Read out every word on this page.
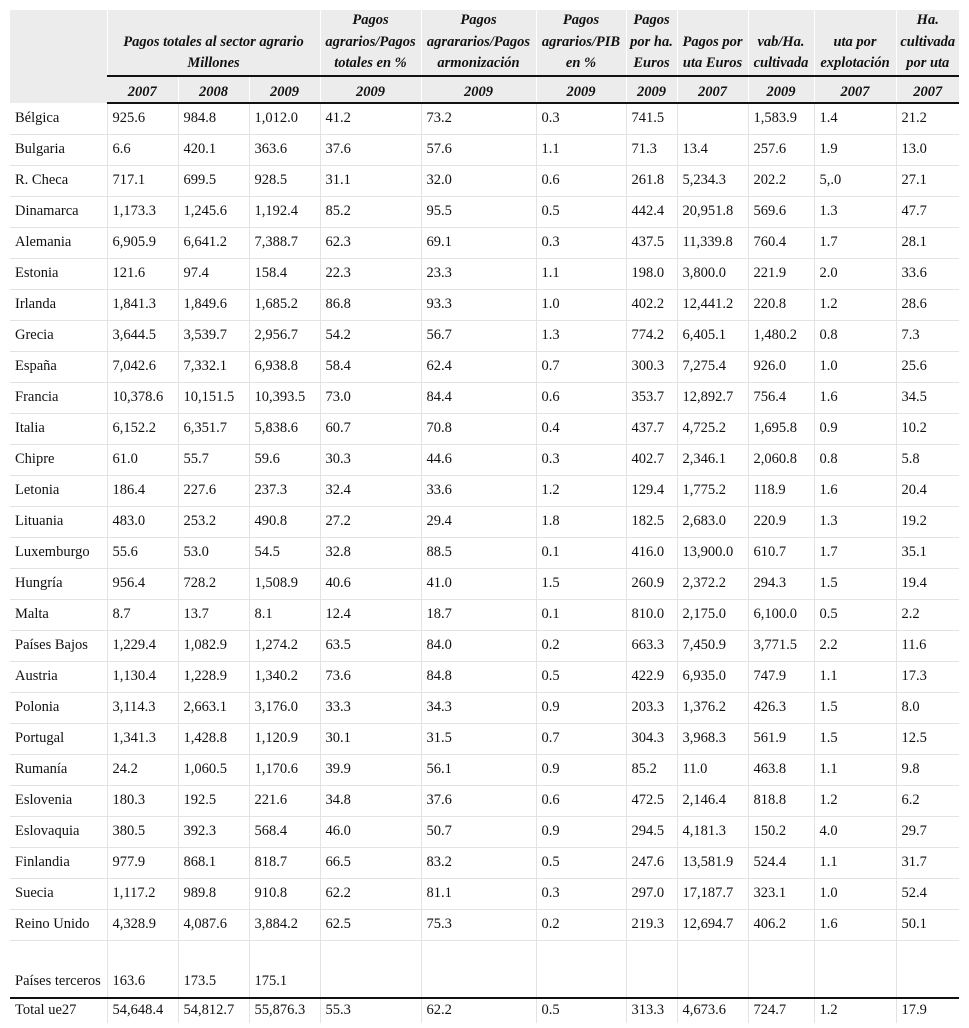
	Pagos totales al sector agrario Millones			Pagos agrarios/Pagos totales en %	Pagos agrararios/Pagos armonización	Pagos agrarios/PIB en %	Pagos por ha. Euros	Pagos por uta Euros	vab/Ha. cultivada	uta por explotación	Ha. cultivada por uta
	2007	2008	2009	2009	2009	2009	2009	2007	2009	2007	2007
Bélgica	925.6	984.8	1,012.0	41.2	73.2	0.3	741.5		1,583.9	1.4	21.2
Bulgaria	6.6	420.1	363.6	37.6	57.6	1.1	71.3	13.4	257.6	1.9	13.0
R. Checa	717.1	699.5	928.5	31.1	32.0	0.6	261.8	5,234.3	202.2	5,.0	27.1
Dinamarca	1,173.3	1,245.6	1,192.4	85.2	95.5	0.5	442.4	20,951.8	569.6	1.3	47.7
Alemania	6,905.9	6,641.2	7,388.7	62.3	69.1	0.3	437.5	11,339.8	760.4	1.7	28.1
Estonia	121.6	97.4	158.4	22.3	23.3	1.1	198.0	3,800.0	221.9	2.0	33.6
Irlanda	1,841.3	1,849.6	1,685.2	86.8	93.3	1.0	402.2	12,441.2	220.8	1.2	28.6
Grecia	3,644.5	3,539.7	2,956.7	54.2	56.7	1.3	774.2	6,405.1	1,480.2	0.8	7.3
España	7,042.6	7,332.1	6,938.8	58.4	62.4	0.7	300.3	7,275.4	926.0	1.0	25.6
Francia	10,378.6	10,151.5	10,393.5	73.0	84.4	0.6	353.7	12,892.7	756.4	1.6	34.5
Italia	6,152.2	6,351.7	5,838.6	60.7	70.8	0.4	437.7	4,725.2	1,695.8	0.9	10.2
Chipre	61.0	55.7	59.6	30.3	44.6	0.3	402.7	2,346.1	2,060.8	0.8	5.8
Letonia	186.4	227.6	237.3	32.4	33.6	1.2	129.4	1,775.2	118.9	1.6	20.4
Lituania	483.0	253.2	490.8	27.2	29.4	1.8	182.5	2,683.0	220.9	1.3	19.2
Luxemburgo	55.6	53.0	54.5	32.8	88.5	0.1	416.0	13,900.0	610.7	1.7	35.1
Hungría	956.4	728.2	1,508.9	40.6	41.0	1.5	260.9	2,372.2	294.3	1.5	19.4
Malta	8.7	13.7	8.1	12.4	18.7	0.1	810.0	2,175.0	6,100.0	0.5	2.2
Países Bajos	1,229.4	1,082.9	1,274.2	63.5	84.0	0.2	663.3	7,450.9	3,771.5	2.2	11.6
Austria	1,130.4	1,228.9	1,340.2	73.6	84.8	0.5	422.9	6,935.0	747.9	1.1	17.3
Polonia	3,114.3	2,663.1	3,176.0	33.3	34.3	0.9	203.3	1,376.2	426.3	1.5	8.0
Portugal	1,341.3	1,428.8	1,120.9	30.1	31.5	0.7	304.3	3,968.3	561.9	1.5	12.5
Rumanía	24.2	1,060.5	1,170.6	39.9	56.1	0.9	85.2	11.0	463.8	1.1	9.8
Eslovenia	180.3	192.5	221.6	34.8	37.6	0.6	472.5	2,146.4	818.8	1.2	6.2
Eslovaquia	380.5	392.3	568.4	46.0	50.7	0.9	294.5	4,181.3	150.2	4.0	29.7
Finlandia	977.9	868.1	818.7	66.5	83.2	0.5	247.6	13,581.9	524.4	1.1	31.7
Suecia	1,117.2	989.8	910.8	62.2	81.1	0.3	297.0	17,187.7	323.1	1.0	52.4
Reino Unido	4,328.9	4,087.6	3,884.2	62.5	75.3	0.2	219.3	12,694.7	406.2	1.6	50.1
Países terceros	163.6	173.5	175.1								
Total ue27	54,648.4	54,812.7	55,876.3	55.3	62.2	0.5	313.3	4,673.6	724.7	1.2	17.9
